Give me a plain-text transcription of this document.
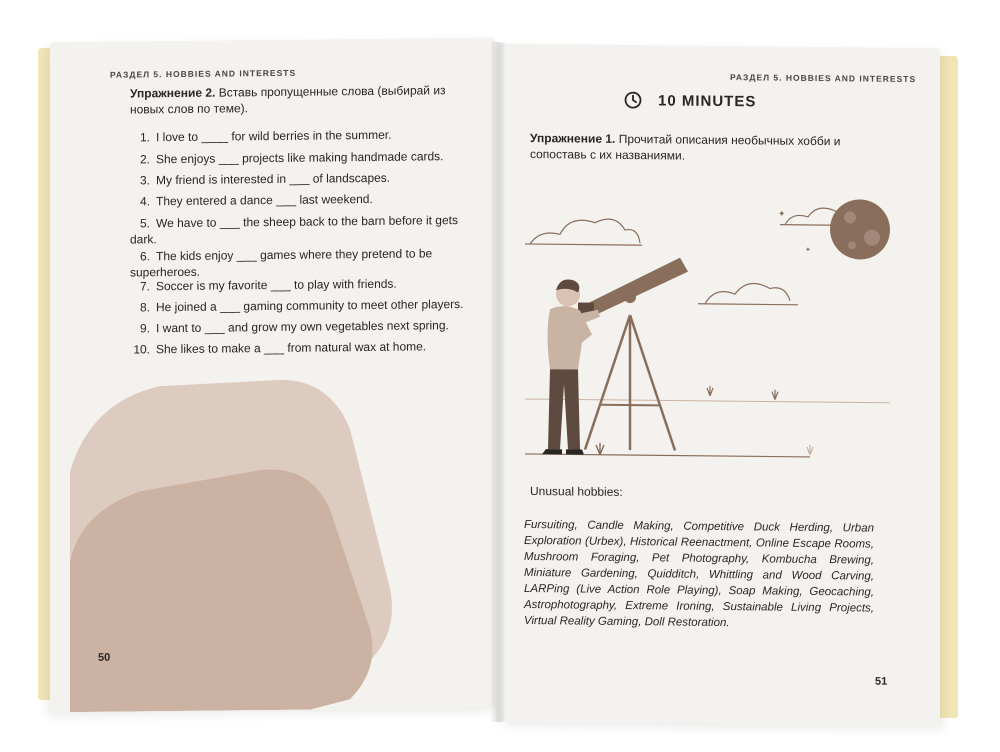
РАЗДЕЛ 5. HOBBIES AND INTERESTS
Упражнение 2. Вставь пропущенные слова (выбирай из новых слов по теме).
1. I love to ____ for wild berries in the summer.
2. She enjoys ___ projects like making handmade cards.
3. My friend is interested in ___ of landscapes.
4. They entered a dance ___ last weekend.
5. We have to ___ the sheep back to the barn before it gets dark.
6. The kids enjoy ___ games where they pretend to be superheroes.
7. Soccer is my favorite ___ to play with friends.
8. He joined a ___ gaming community to meet other players.
9. I want to ___ and grow my own vegetables next spring.
10. She likes to make a ___ from natural wax at home.
50
РАЗДЕЛ 5. HOBBIES AND INTERESTS
10 MINUTES
Упражнение 1. Прочитай описания необычных хобби и сопоставь с их названиями.
✦
✦
Unusual hobbies:
Fursuiting, Candle Making, Competitive Duck Herding, Urban Exploration (Urbex), Historical Reenactment, Online Escape Rooms, Mushroom Foraging, Pet Photography, Kombucha Brewing, Miniature Gardening, Quidditch, Whittling and Wood Carving, LARPing (Live Action Role Playing), Soap Making, Geocaching, Astrophotography, Extreme Ironing, Sustainable Living Projects, Virtual Reality Gaming, Doll Restoration.
51
